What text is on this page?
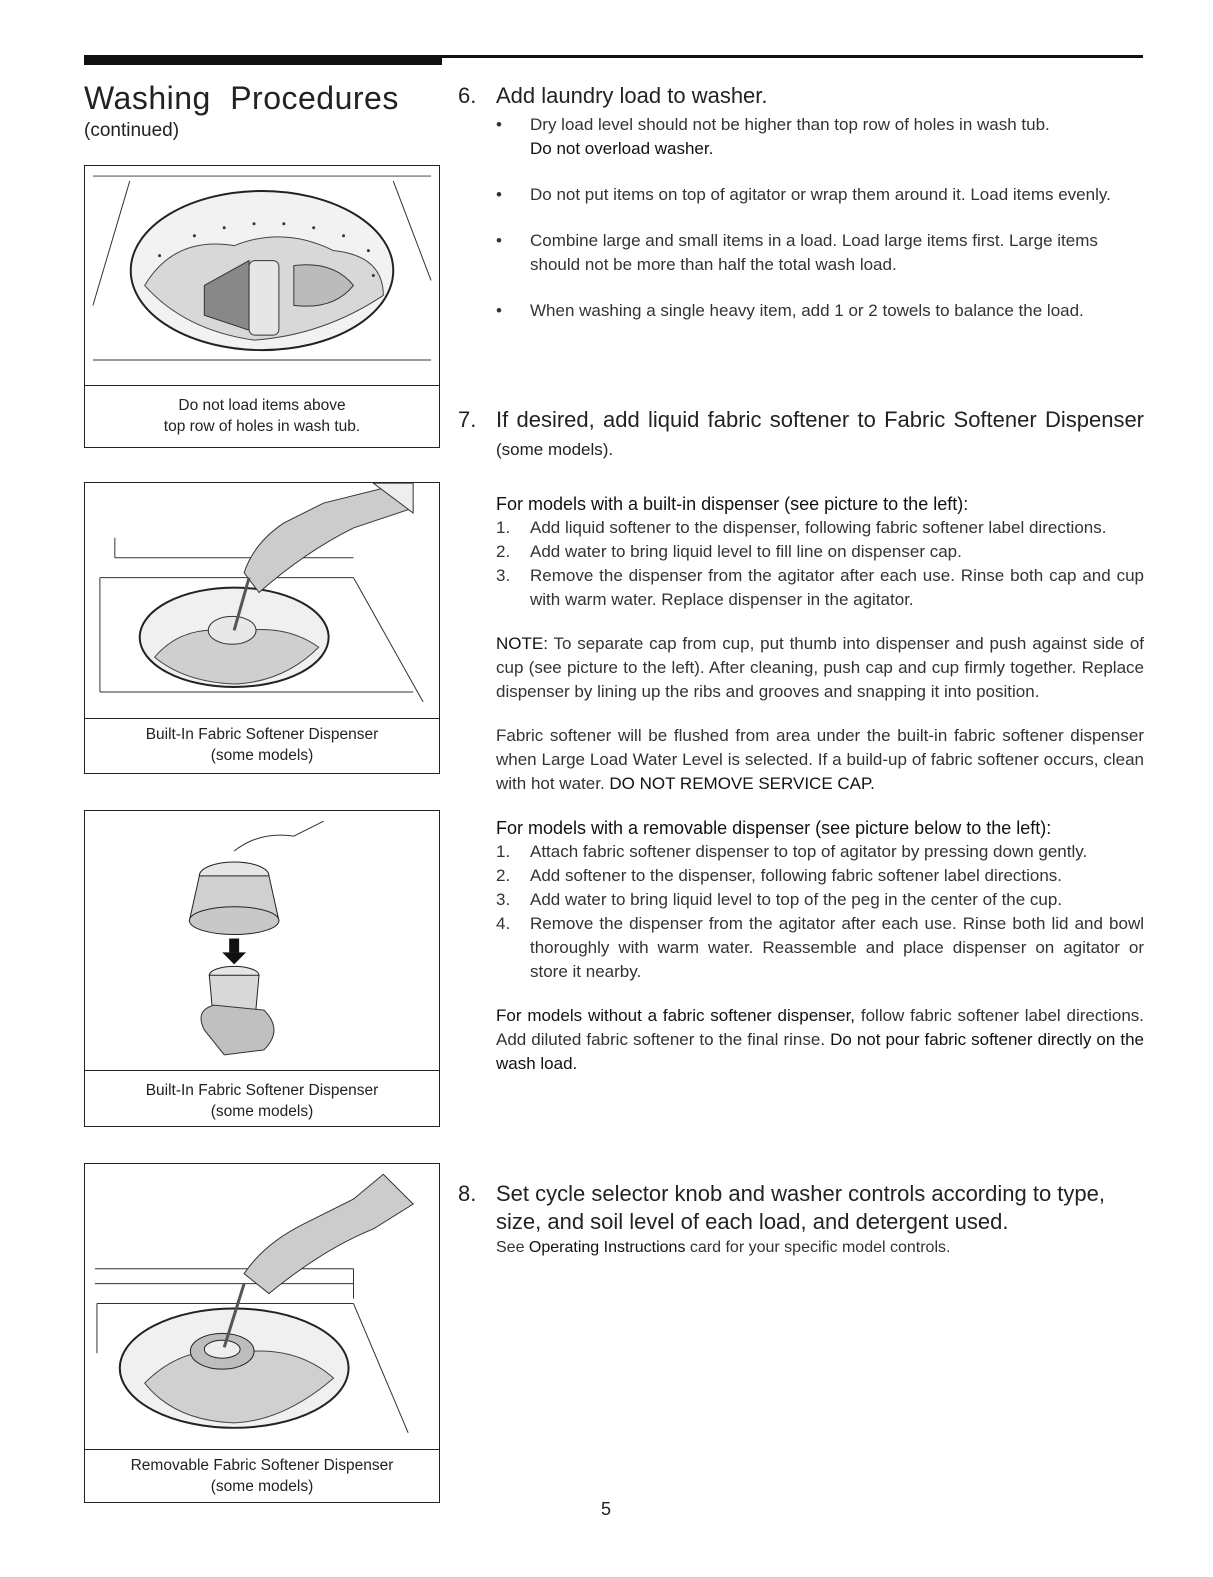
Washing Procedures
(continued)
Do not load items above
top row of holes in wash tub.
Built-In Fabric Softener Dispenser
(some models)
Built-In Fabric Softener Dispenser
(some models)
Removable Fabric Softener Dispenser
(some models)

6. Add laundry load to washer.

• Dry load level should not be higher than top row of holes in wash tub.
Do not overload washer.
• Do not put items on top of agitator or wrap them around it. Load items evenly.
• Combine large and small items in a load. Load large items first. Large items should not be more than half the total wash load.
• When washing a single heavy item, add 1 or 2 towels to balance the load.

7. If desired, add liquid fabric softener to Fabric Softener Dispenser (some models).

For models with a built-in dispenser (see picture to the left):

1. Add liquid softener to the dispenser, following fabric softener label directions.
2. Add water to bring liquid level to fill line on dispenser cap.
3. Remove the dispenser from the agitator after each use. Rinse both cap and cup with warm water. Replace dispenser in the agitator.

NOTE: To separate cap from cup, put thumb into dispenser and push against side of cup (see picture to the left). After cleaning, push cap and cup firmly together. Replace dispenser by lining up the ribs and grooves and snapping it into position.

Fabric softener will be flushed from area under the built-in fabric softener dispenser when Large Load Water Level is selected. If a build-up of fabric softener occurs, clean with hot water. DO NOT REMOVE SERVICE CAP.

For models with a removable dispenser (see picture below to the left):

1. Attach fabric softener dispenser to top of agitator by pressing down gently.
2. Add softener to the dispenser, following fabric softener label directions.
3. Add water to bring liquid level to top of the peg in the center of the cup.
4. Remove the dispenser from the agitator after each use. Rinse both lid and bowl thoroughly with warm water. Reassemble and place dispenser on agitator or store it nearby.

For models without a fabric softener dispenser, follow fabric softener label directions. Add diluted fabric softener to the final rinse. Do not pour fabric softener directly on the wash load.

8. Set cycle selector knob and washer controls according to type, size, and soil level of each load, and detergent used.

See Operating Instructions card for your specific model controls.

5
